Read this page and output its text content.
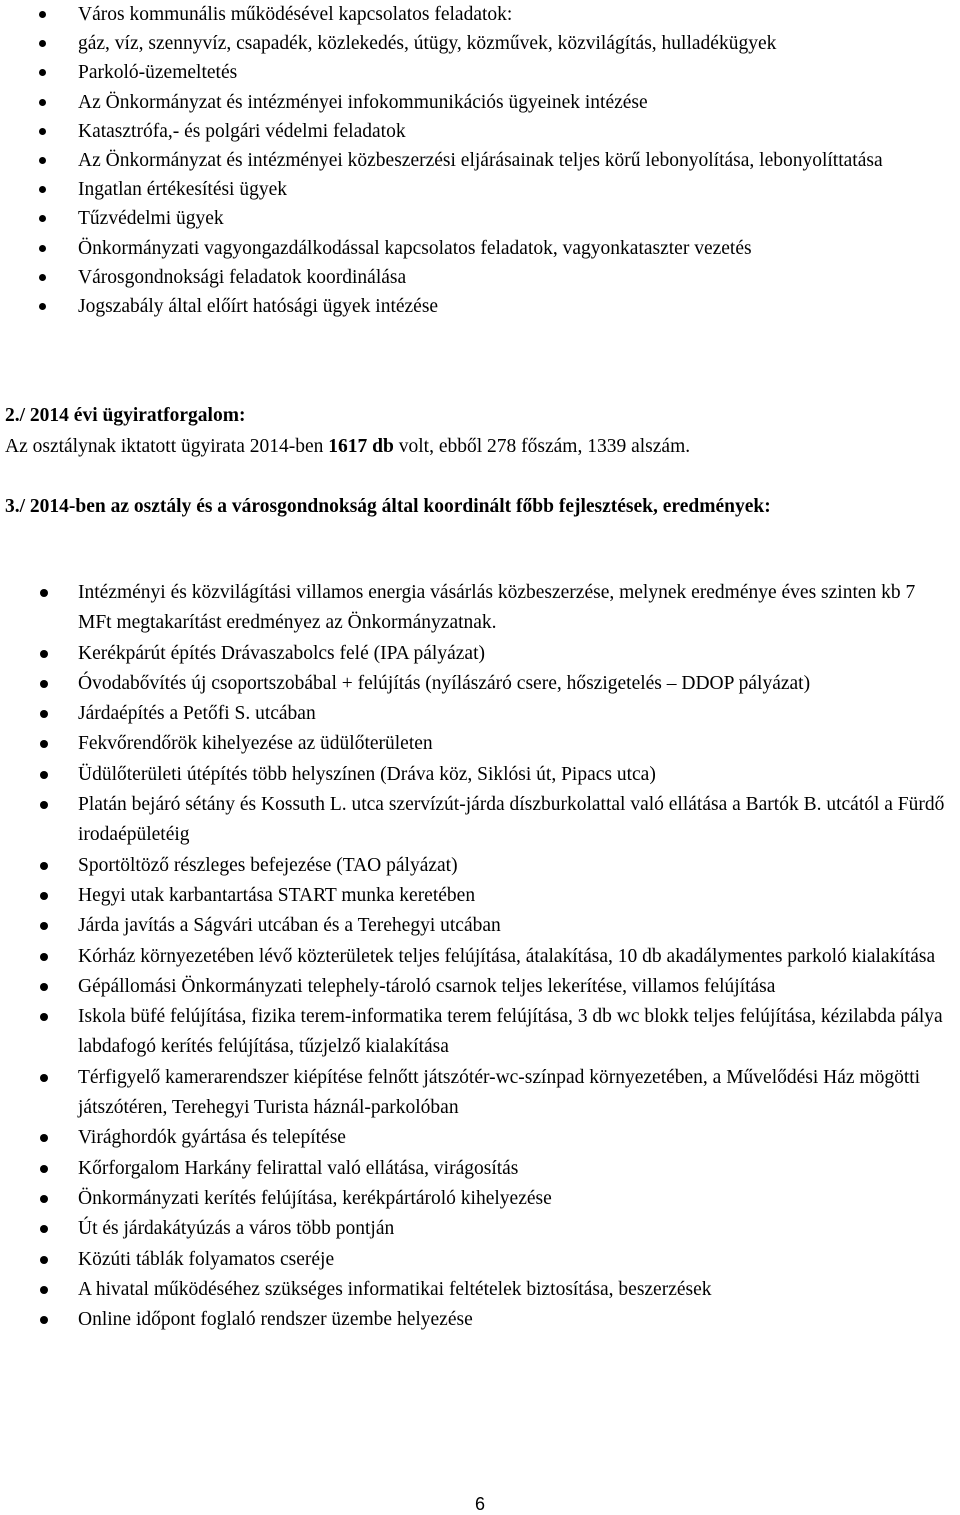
Város kommunális működésével kapcsolatos feladatok:
gáz, víz, szennyvíz, csapadék, közlekedés, útügy, közművek, közvilágítás, hulladékügyek
Parkoló-üzemeltetés
Az Önkormányzat és intézményei infokommunikációs ügyeinek intézése
Katasztrófa,- és polgári védelmi feladatok
Az Önkormányzat és intézményei közbeszerzési eljárásainak teljes körű lebonyolítása, lebonyolíttatása
Ingatlan értékesítési ügyek
Tűzvédelmi ügyek
Önkormányzati vagyongazdálkodással kapcsolatos feladatok, vagyonkataszter vezetés
Városgondnoksági feladatok koordinálása
Jogszabály által előírt hatósági ügyek intézése
2./ 2014 évi ügyiratforgalom:
Az osztálynak iktatott ügyirata 2014-ben 1617 db volt, ebből 278 főszám, 1339 alszám.
3./ 2014-ben az osztály és a városgondnokság által koordinált főbb fejlesztések, eredmények:
Intézményi és közvilágítási villamos energia vásárlás közbeszerzése, melynek eredménye éves szinten kb 7 MFt megtakarítást eredményez az Önkormányzatnak.
Kerékpárút építés Drávaszabolcs felé (IPA pályázat)
Óvodabővítés új csoportszobábal + felújítás (nyílászáró csere, hőszigetelés – DDOP pályázat)
Járdaépítés a Petőfi S. utcában
Fekvőrendőrök kihelyezése az üdülőterületen
Üdülőterületi útépítés több helyszínen (Dráva köz, Siklósi út, Pipacs utca)
Platán bejáró sétány és Kossuth L. utca szervízút-járda díszburkolattal való ellátása a Bartók B. utcától a Fürdő irodaépületéig
Sportöltöző részleges befejezése (TAO pályázat)
Hegyi utak karbantartása START munka keretében
Járda javítás a Ságvári utcában és a Terehegyi utcában
Kórház környezetében lévő közterületek teljes felújítása, átalakítása, 10 db akadálymentes parkoló kialakítása
Gépállomási Önkormányzati telephely-tároló csarnok teljes lekerítése, villamos felújítása
Iskola büfé felújítása, fizika terem-informatika terem felújítása, 3 db wc blokk teljes felújítása, kézilabda pálya labdafogó kerítés felújítása, tűzjelző kialakítása
Térfigyelő kamerarendszer kiépítése felnőtt játszótér-wc-színpad környezetében, a Művelődési Ház mögötti játszótéren, Terehegyi Turista háznál-parkolóban
Virághordók gyártása és telepítése
Kőrforgalom Harkány felirattal való ellátása, virágosítás
Önkormányzati kerítés felújítása, kerékpártároló kihelyezése
Út és járdakátyúzás a város több pontján
Közúti táblák folyamatos cseréje
A hivatal működéséhez szükséges informatikai feltételek biztosítása, beszerzések
Online időpont foglaló rendszer üzembe helyezése
6
